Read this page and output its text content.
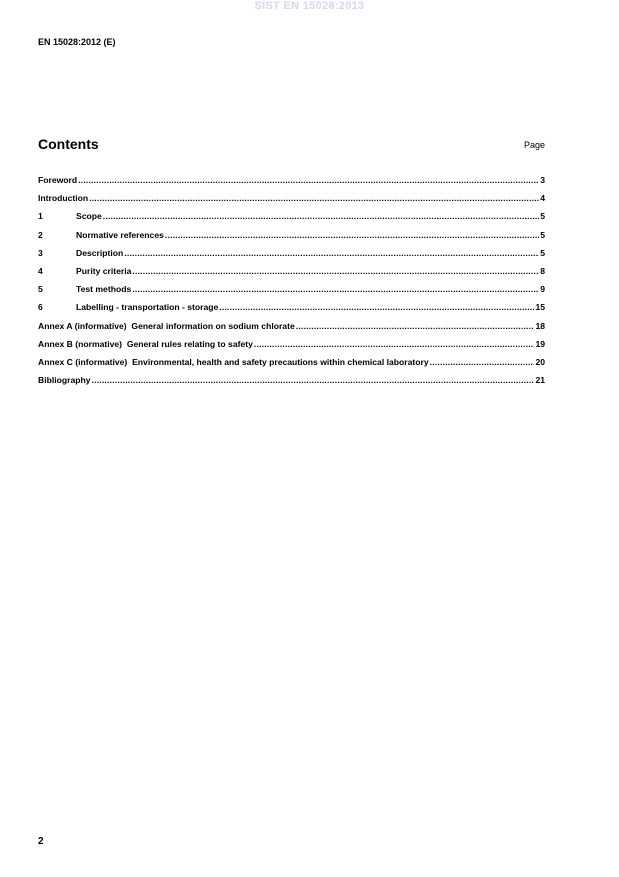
SIST EN 15028:2013
EN 15028:2012 (E)
Contents	Page
Foreword .....	3
Introduction .....	4
1	Scope .....	5
2	Normative references .....	5
3	Description .....	5
4	Purity criteria .....	8
5	Test methods .....	9
6	Labelling - transportation - storage .....	15
Annex A (informative)  General information on sodium chlorate .....	18
Annex B (normative)  General rules relating to safety .....	19
Annex C (informative)  Environmental, health and safety precautions within chemical laboratory .....	20
Bibliography .....	21
2
